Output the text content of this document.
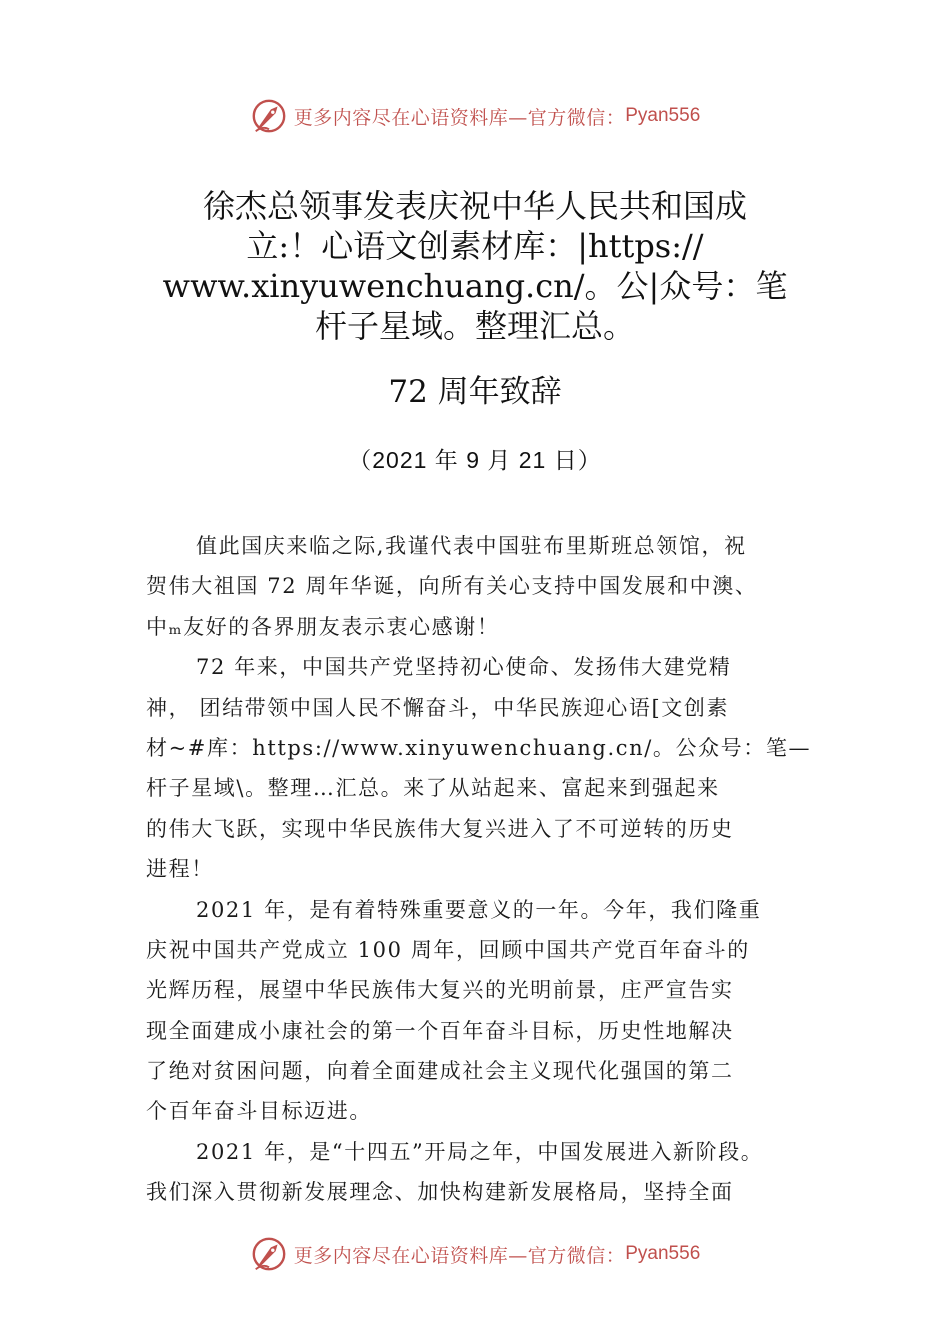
更多内容尽在心语资料库—官方微信： Pyan556
徐杰总领事发表庆祝中华人民共和国成
立:！心语文创素材库：|https://
www.xinyuwenchuang.cn/。公|众号：笔
杆子星域。整理汇总。
72 周年致辞
（2021 年 9 月 21 日）
值此国庆来临之际,我谨代表中国驻布里斯班总领馆，祝
贺伟大祖国 72 周年华诞，向所有关心支持中国发展和中澳、
中ₘ友好的各界朋友表示衷心感谢！
72 年来，中国共产党坚持初心使命、发扬伟大建党精
神， 团结带领中国人民不懈奋斗，中华民族迎心语[文创素
材~#库：https://www.xinyuwenchuang.cn/。公众号：笔—
杆子星域\。整理…汇总。来了从站起来、富起来到强起来
的伟大飞跃，实现中华民族伟大复兴进入了不可逆转的历史
进程！
2021 年，是有着特殊重要意义的一年。今年，我们隆重
庆祝中国共产党成立 100 周年，回顾中国共产党百年奋斗的
光辉历程，展望中华民族伟大复兴的光明前景，庄严宣告实
现全面建成小康社会的第一个百年奋斗目标，历史性地解决
了绝对贫困问题，向着全面建成社会主义现代化强国的第二
个百年奋斗目标迈进。
2021 年，是“十四五”开局之年，中国发展进入新阶段。
我们深入贯彻新发展理念、加快构建新发展格局，坚持全面
更多内容尽在心语资料库—官方微信： Pyan556
